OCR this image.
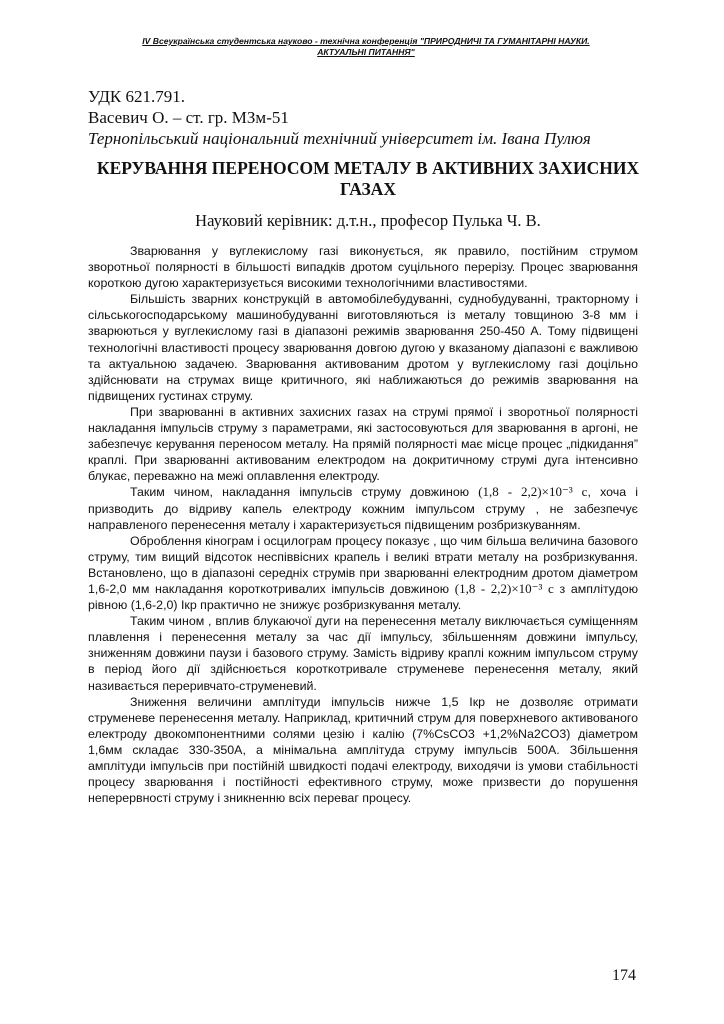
IV Всеукраїнська студентська науково - технічна конференція "ПРИРОДНИЧІ ТА ГУМАНІТАРНІ НАУКИ.
АКТУАЛЬНІ ПИТАННЯ"
УДК 621.791.
Васевич О. – ст. гр. МЗм-51
Тернопільський національний технічний університет ім. Івана Пулюя
КЕРУВАННЯ ПЕРЕНОСОМ МЕТАЛУ В АКТИВНИХ ЗАХИСНИХ ГАЗАХ
Науковий керівник: д.т.н., професор Пулька Ч. В.

Зварювання у вуглекислому газі виконується, як правило, постійним струмом зворотньої полярності в більшості випадків дротом суцільного перерізу. Процес зварювання короткою дугою характеризується високими технологічними властивостями.

Більшість зварних конструкцій в автомобілебудуванні, суднобудуванні, тракторному і сільськогосподарському машинобудуванні виготовляються із металу товщиною 3-8 мм і зварюються у вуглекислому газі в діапазоні режимів зварювання 250-450 А. Тому підвищені технологічні властивості процесу зварювання довгою дугою у вказаному діапазоні є важливою та актуальною задачею. Зварювання активованим дротом у вуглекислому газі доцільно здійснювати на струмах вище критичного, які наближаються до режимів зварювання на підвищених густинах струму.

При зварюванні в активних захисних газах на струмі прямої і зворотньої полярності накладання імпульсів струму з параметрами, які застосовуються для зварювання в аргоні, не забезпечує керування переносом металу. На прямій полярності має місце процес „підкидання” краплі. При зварюванні активованим електродом на докритичному струмі дуга інтенсивно блукає, переважно на межі оплавлення електроду.

Таким чином, накладання імпульсів струму довжиною (1,8 - 2,2)×10⁻³ с, хоча і призводить до відриву капель електроду кожним імпульсом струму , не забезпечує направленого перенесення металу і характеризується підвищеним розбризкуванням.

Оброблення кінограм і осцилограм процесу показує , що чим більша величина базового струму, тим вищий відсоток неспіввісних крапель і великі втрати металу на розбризкування. Встановлено, що в діапазоні середніх струмів при зварюванні електродним дротом діаметром 1,6-2,0 мм накладання короткотривалих імпульсів довжиною (1,8 - 2,2)×10⁻³ с з амплітудою рівною (1,6-2,0) Ікр практично не знижує розбризкування металу.

Таким чином , вплив блукаючої дуги на перенесення металу виключається суміщенням плавлення і перенесення металу за час дії імпульсу, збільшенням довжини імпульсу, зниженням довжини паузи і базового струму. Замість відриву краплі кожним імпульсом струму в період його дії здійснюється короткотривале струменеве перенесення металу, який називається переривчато-струменевий.

Зниження величини амплітуди імпульсів нижче 1,5 Ікр не дозволяє отримати струменеве перенесення металу. Наприклад, критичний струм для поверхневого активованого електроду двокомпонентними солями цезію і калію (7%CsCO3 +1,2%Na2CO3) діаметром 1,6мм складає 330-350А, а мінімальна амплітуда струму імпульсів 500А. Збільшення амплітуди імпульсів при постійній швидкості подачі електроду, виходячи із умови стабільності процесу зварювання і постійності ефективного струму, може призвести до порушення неперервності струму і зникненню всіх переваг процесу.

174
